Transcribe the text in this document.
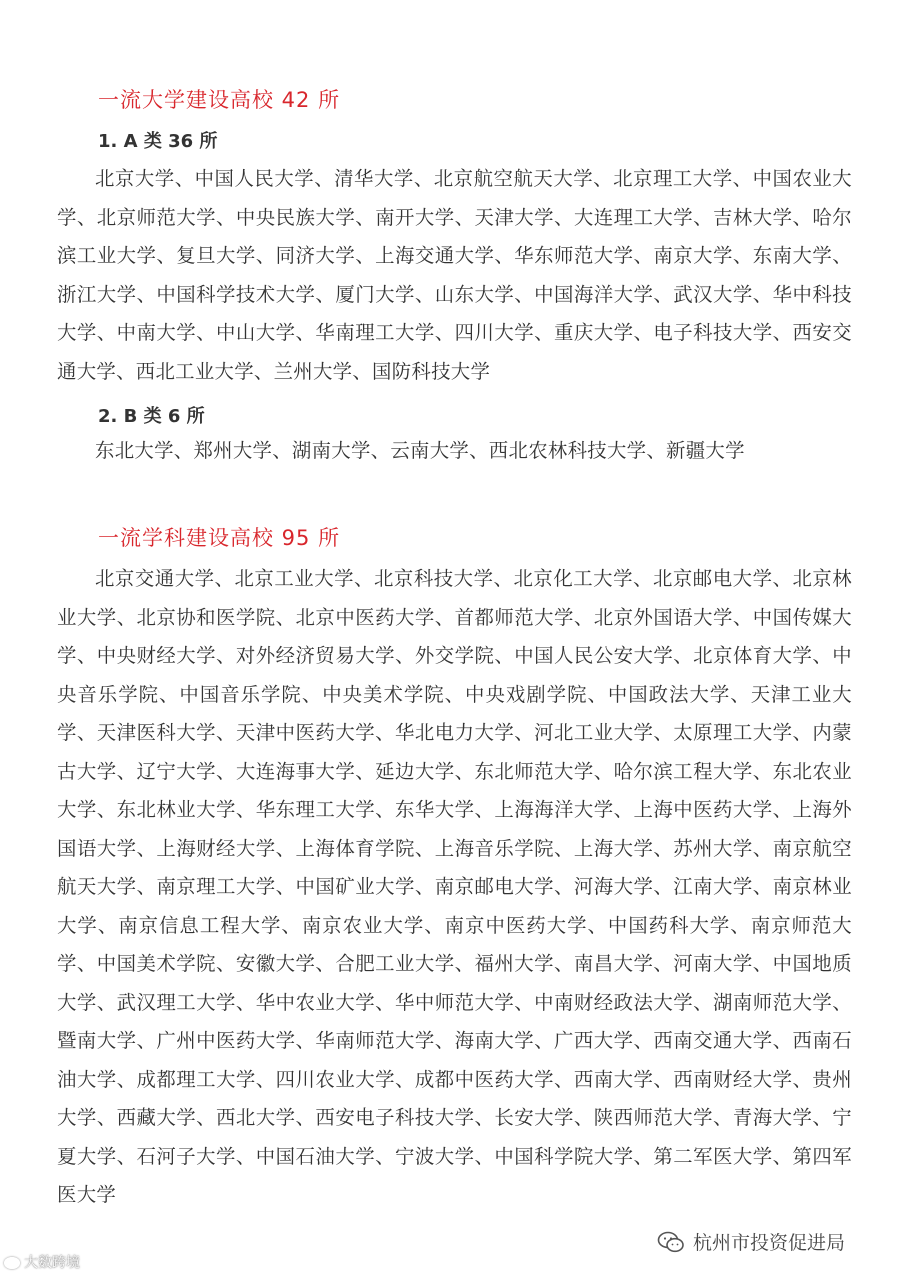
一流大学建设高校 42 所
1. A 类 36 所
北京大学、中国人民大学、清华大学、北京航空航天大学、北京理工大学、中国农业大学、北京师范大学、中央民族大学、南开大学、天津大学、大连理工大学、吉林大学、哈尔滨工业大学、复旦大学、同济大学、上海交通大学、华东师范大学、南京大学、东南大学、浙江大学、中国科学技术大学、厦门大学、山东大学、中国海洋大学、武汉大学、华中科技大学、中南大学、中山大学、华南理工大学、四川大学、重庆大学、电子科技大学、西安交通大学、西北工业大学、兰州大学、国防科技大学
2. B 类 6 所
东北大学、郑州大学、湖南大学、云南大学、西北农林科技大学、新疆大学
一流学科建设高校 95 所
北京交通大学、北京工业大学、北京科技大学、北京化工大学、北京邮电大学、北京林业大学、北京协和医学院、北京中医药大学、首都师范大学、北京外国语大学、中国传媒大学、中央财经大学、对外经济贸易大学、外交学院、中国人民公安大学、北京体育大学、中央音乐学院、中国音乐学院、中央美术学院、中央戏剧学院、中国政法大学、天津工业大学、天津医科大学、天津中医药大学、华北电力大学、河北工业大学、太原理工大学、内蒙古大学、辽宁大学、大连海事大学、延边大学、东北师范大学、哈尔滨工程大学、东北农业大学、东北林业大学、华东理工大学、东华大学、上海海洋大学、上海中医药大学、上海外国语大学、上海财经大学、上海体育学院、上海音乐学院、上海大学、苏州大学、南京航空航天大学、南京理工大学、中国矿业大学、南京邮电大学、河海大学、江南大学、南京林业大学、南京信息工程大学、南京农业大学、南京中医药大学、中国药科大学、南京师范大学、中国美术学院、安徽大学、合肥工业大学、福州大学、南昌大学、河南大学、中国地质大学、武汉理工大学、华中农业大学、华中师范大学、中南财经政法大学、湖南师范大学、暨南大学、广州中医药大学、华南师范大学、海南大学、广西大学、西南交通大学、西南石油大学、成都理工大学、四川农业大学、成都中医药大学、西南大学、西南财经大学、贵州大学、西藏大学、西北大学、西安电子科技大学、长安大学、陕西师范大学、青海大学、宁夏大学、石河子大学、中国石油大学、宁波大学、中国科学院大学、第二军医大学、第四军医大学
大数跨境
杭州市投资促进局
